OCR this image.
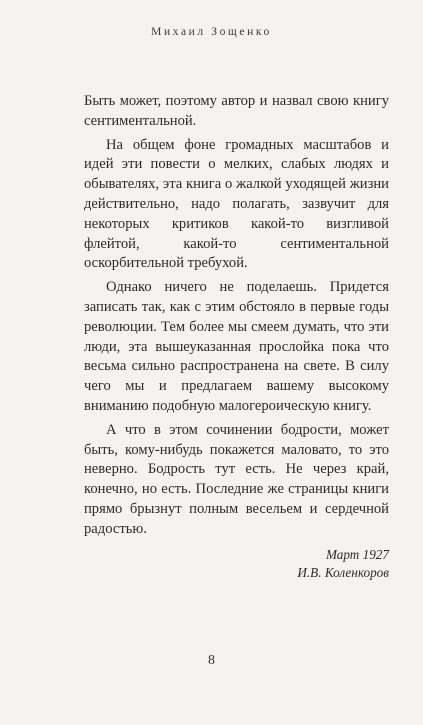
Михаил Зощенко

Быть может, поэтому автор и назвал свою книгу сентиментальной.

На общем фоне громадных масштабов и идей эти повести о мелких, слабых людях и обывателях, эта книга о жалкой уходящей жизни действительно, надо полагать, зазвучит для некоторых критиков какой-то визгливой флейтой, какой-то сентиментальной оскорбительной требухой.

Однако ничего не поделаешь. Придется записать так, как с этим обстояло в первые годы революции. Тем более мы смеем думать, что эти люди, эта вышеуказанная прослойка пока что весьма сильно распространена на свете. В силу чего мы и предлагаем вашему высокому вниманию подобную малогероическую книгу.

А что в этом сочинении бодрости, может быть, кому-нибудь покажется маловато, то это неверно. Бодрость тут есть. Не через край, конечно, но есть. Последние же страницы книги прямо брызнут полным весельем и сердечной радостью.

Март 1927
И.В. Коленкоров
8
